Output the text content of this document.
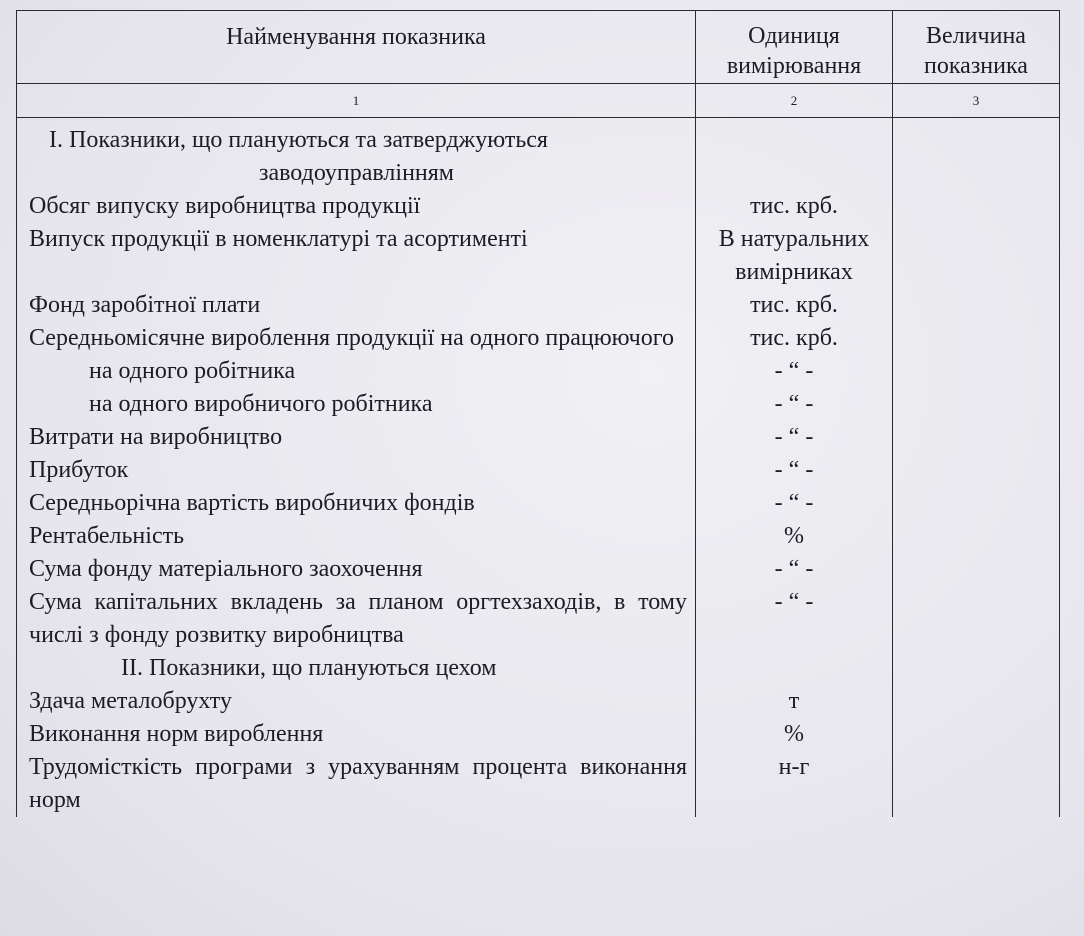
Найменування показника	Одиниця вимірювання	Величина показника
1	2	3
І. Показники, що плануються та затверджуються
заводоуправлінням		

Обсяг випуску виробництва продукції	тис. крб.	
Випуск продукції в номенклатурі та асортименті	В натуральних вимірниках	
Фонд заробітної плати	тис. крб.	
Середньомісячне вироблення продукції на одного працюючого	тис. крб.	
на одного робітника	- “ -	
на одного виробничого робітника	- “ -	
Витрати на виробництво	- “ -	
Прибуток	- “ -	
Середньорічна вартість виробничих фондів	- “ -	
Рентабельність	%	
Сума фонду матеріального заохочення	- “ -	
Сума капітальних вкладень за планом оргтехзаходів, в тому числі з фонду розвитку виробництва	- “ -	
ІІ. Показники, що плануються цехом		
Здача металобрухту	т	
Виконання норм вироблення	%	
Трудомісткість програми з урахуванням процента виконання норм	н-г	
